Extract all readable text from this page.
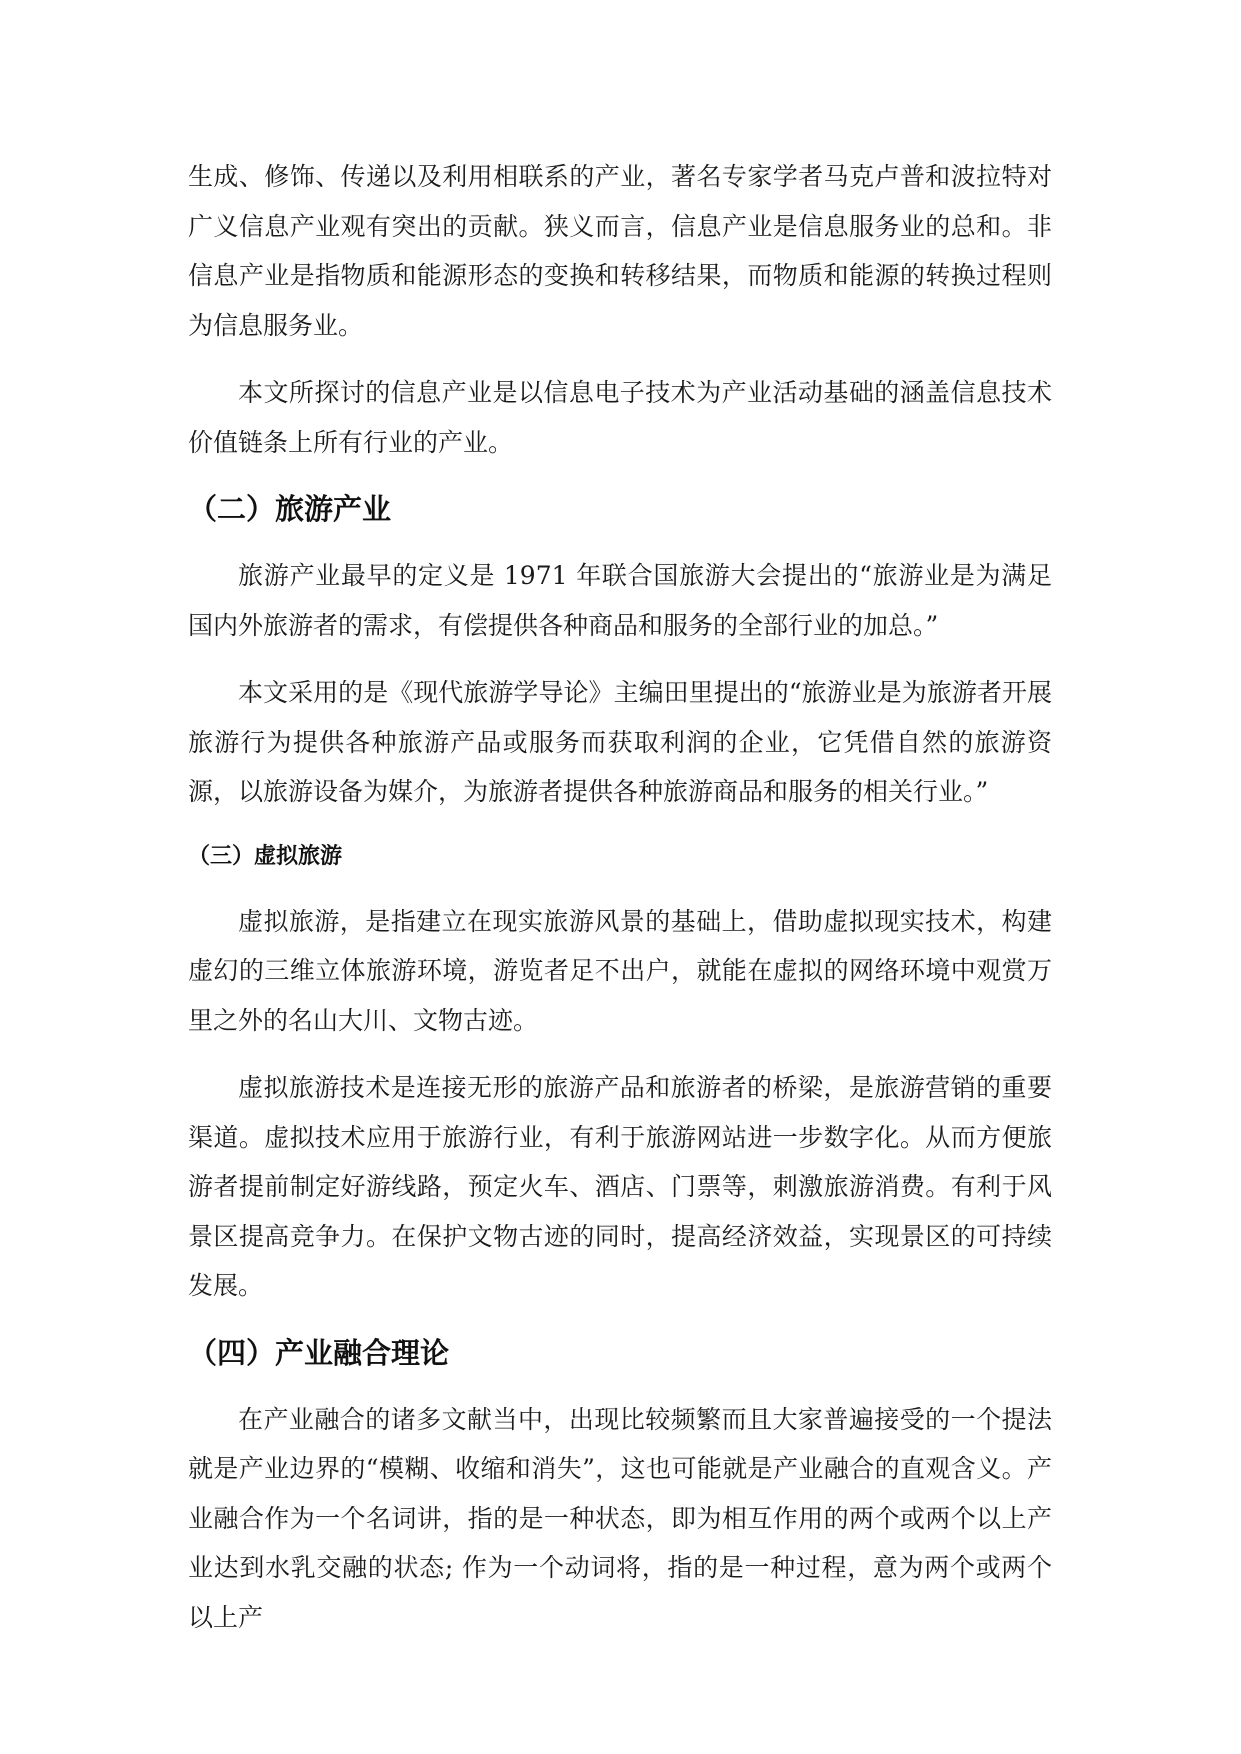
生成、修饰、传递以及利用相联系的产业，著名专家学者马克卢普和波拉特对广义信息产业观有突出的贡献。狭义而言，信息产业是信息服务业的总和。非信息产业是指物质和能源形态的变换和转移结果，而物质和能源的转换过程则为信息服务业。

本文所探讨的信息产业是以信息电子技术为产业活动基础的涵盖信息技术价值链条上所有行业的产业。

（二）旅游产业

旅游产业最早的定义是 1971 年联合国旅游大会提出的“旅游业是为满足国内外旅游者的需求，有偿提供各种商品和服务的全部行业的加总。”

本文采用的是《现代旅游学导论》主编田里提出的“旅游业是为旅游者开展旅游行为提供各种旅游产品或服务而获取利润的企业，它凭借自然的旅游资源，以旅游设备为媒介，为旅游者提供各种旅游商品和服务的相关行业。”

（三）虚拟旅游

虚拟旅游，是指建立在现实旅游风景的基础上，借助虚拟现实技术，构建虚幻的三维立体旅游环境，游览者足不出户，就能在虚拟的网络环境中观赏万里之外的名山大川、文物古迹。

虚拟旅游技术是连接无形的旅游产品和旅游者的桥梁，是旅游营销的重要渠道。虚拟技术应用于旅游行业，有利于旅游网站进一步数字化。从而方便旅游者提前制定好游线路，预定火车、酒店、门票等，刺激旅游消费。有利于风景区提高竞争力。在保护文物古迹的同时，提高经济效益，实现景区的可持续发展。

（四）产业融合理论

在产业融合的诸多文献当中，出现比较频繁而且大家普遍接受的一个提法就是产业边界的“模糊、收缩和消失”，这也可能就是产业融合的直观含义。产业融合作为一个名词讲，指的是一种状态，即为相互作用的两个或两个以上产业达到水乳交融的状态; 作为一个动词将，指的是一种过程，意为两个或两个以上产
